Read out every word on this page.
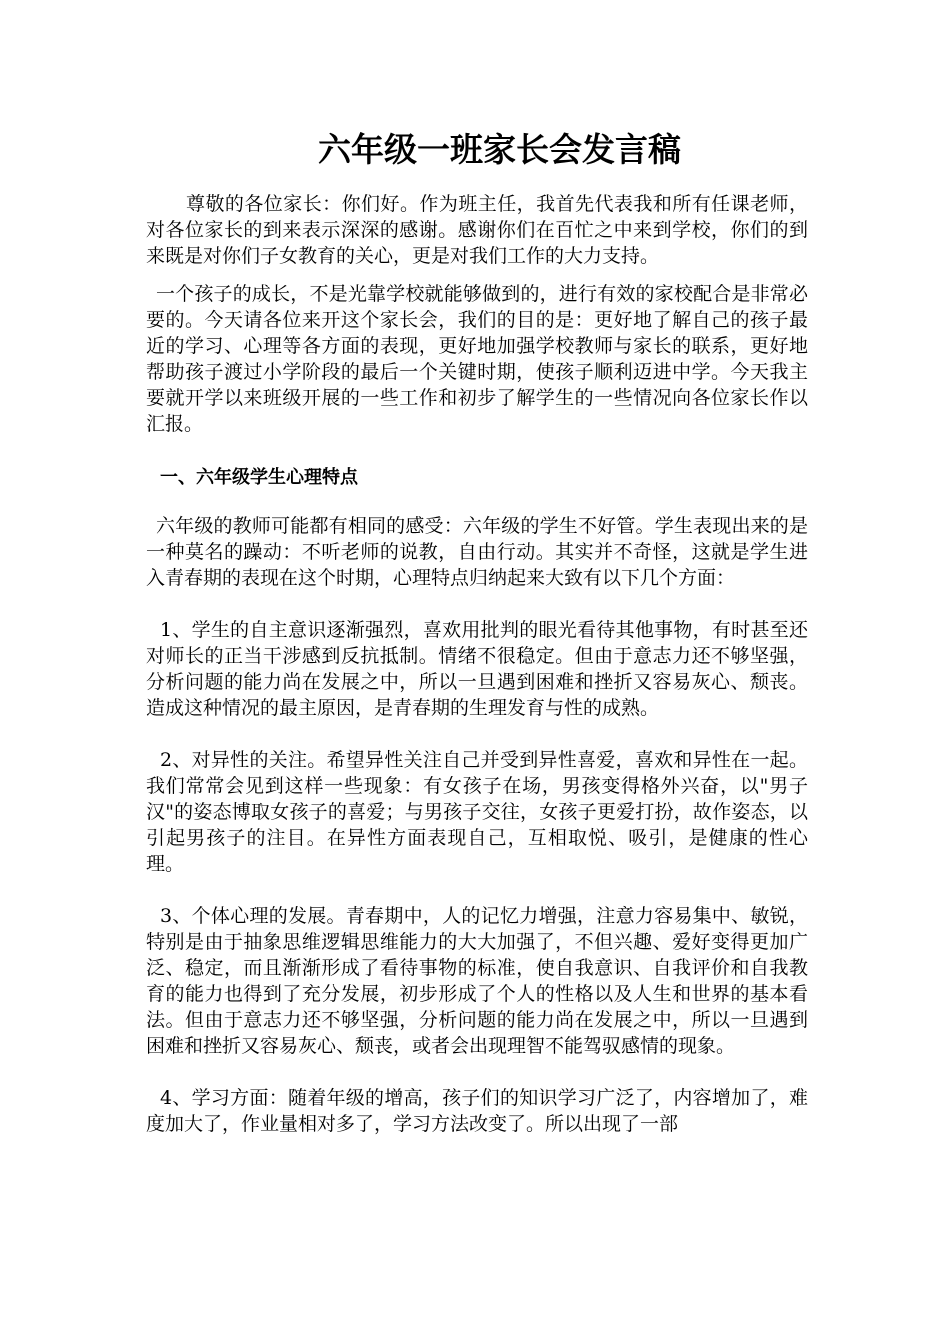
六年级一班家长会发言稿

尊敬的各位家长：你们好。作为班主任，我首先代表我和所有任课老师，对各位家长的到来表示深深的感谢。感谢你们在百忙之中来到学校，你们的到来既是对你们子女教育的关心，更是对我们工作的大力支持。

一个孩子的成长，不是光靠学校就能够做到的，进行有效的家校配合是非常必要的。今天请各位来开这个家长会，我们的目的是：更好地了解自己的孩子最近的学习、心理等各方面的表现，更好地加强学校教师与家长的联系，更好地帮助孩子渡过小学阶段的最后一个关键时期，使孩子顺利迈进中学。今天我主要就开学以来班级开展的一些工作和初步了解学生的一些情况向各位家长作以汇报。

一、六年级学生心理特点

六年级的教师可能都有相同的感受：六年级的学生不好管。学生表现出来的是一种莫名的躁动：不听老师的说教，自由行动。其实并不奇怪，这就是学生进入青春期的表现在这个时期，心理特点归纳起来大致有以下几个方面：

1、学生的自主意识逐渐强烈，喜欢用批判的眼光看待其他事物，有时甚至还对师长的正当干涉感到反抗抵制。情绪不很稳定。但由于意志力还不够坚强，分析问题的能力尚在发展之中，所以一旦遇到困难和挫折又容易灰心、颓丧。造成这种情况的最主原因，是青春期的生理发育与性的成熟。

2、对异性的关注。希望异性关注自己并受到异性喜爱，喜欢和异性在一起。我们常常会见到这样一些现象：有女孩子在场，男孩变得格外兴奋，以"男子汉"的姿态博取女孩子的喜爱；与男孩子交往，女孩子更爱打扮，故作姿态，以引起男孩子的注目。在异性方面表现自己，互相取悦、吸引，是健康的性心理。

3、个体心理的发展。青春期中，人的记忆力增强，注意力容易集中、敏锐，特别是由于抽象思维逻辑思维能力的大大加强了，不但兴趣、爱好变得更加广泛、稳定，而且渐渐形成了看待事物的标准，使自我意识、自我评价和自我教育的能力也得到了充分发展，初步形成了个人的性格以及人生和世界的基本看法。但由于意志力还不够坚强，分析问题的能力尚在发展之中，所以一旦遇到困难和挫折又容易灰心、颓丧，或者会出现理智不能驾驭感情的现象。

4、学习方面：随着年级的增高，孩子们的知识学习广泛了，内容增加了，难度加大了，作业量相对多了，学习方法改变了。所以出现了一部
